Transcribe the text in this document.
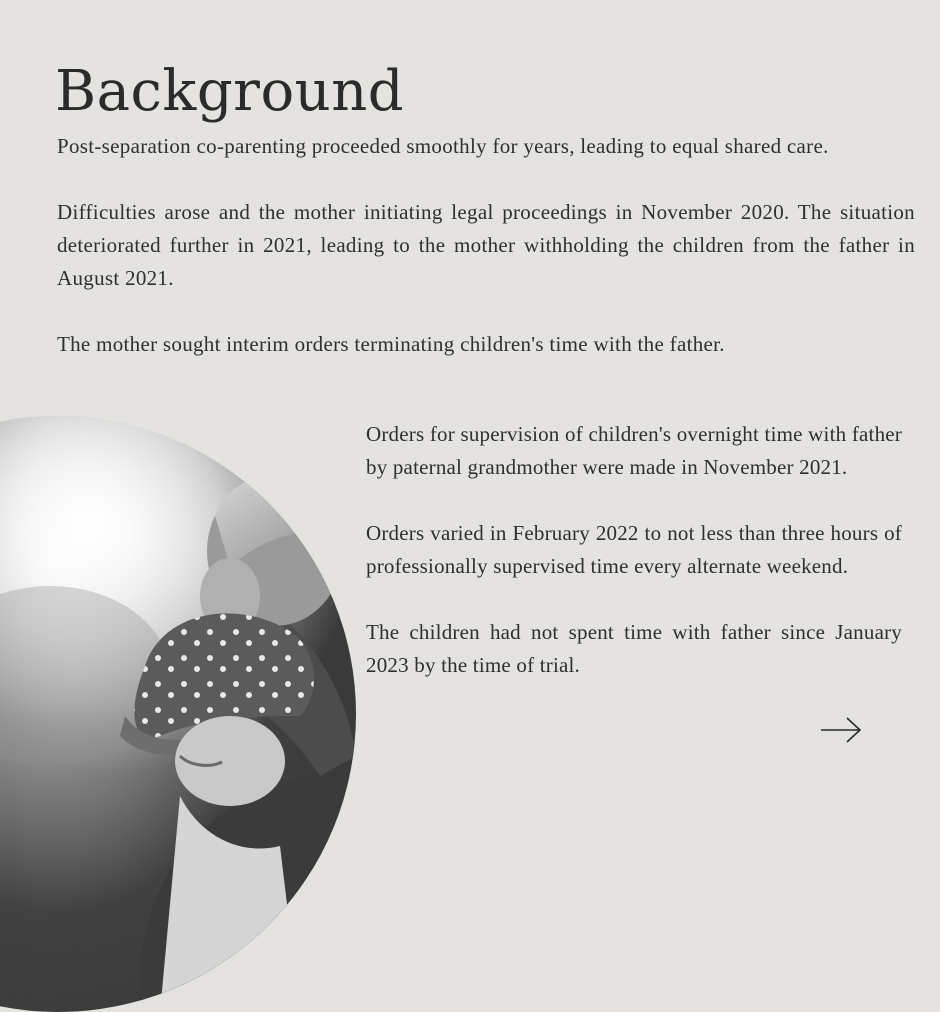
Background

Post-separation co-parenting proceeded smoothly for years, leading to equal shared care.

Difficulties arose and the mother initiating legal proceedings in November 2020. The situation deteriorated further in 2021, leading to the mother withholding the children from the father in August 2021.

The mother sought interim orders terminating children's time with the father.

Orders for supervision of children's overnight time with father by paternal grandmother were made in November 2021.

Orders varied in February 2022 to not less than three hours of professionally supervised time every alternate weekend.

The children had not spent time with father since January 2023 by the time of trial.
